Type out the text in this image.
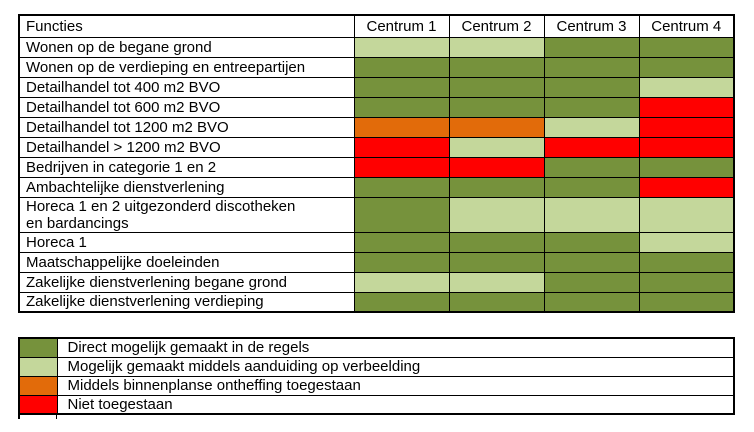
Functies	Centrum 1	Centrum 2	Centrum 3	Centrum 4
Wonen op de begane grond				
Wonen op de verdieping en entreepartijen				
Detailhandel tot 400 m2 BVO				
Detailhandel tot 600 m2 BVO				
Detailhandel tot 1200 m2 BVO				
Detailhandel > 1200 m2 BVO				
Bedrijven in categorie 1 en 2				
Ambachtelijke dienstverlening				
Horeca 1 en 2 uitgezonderd discotheken
en bardancings				
Horeca 1				
Maatschappelijke doeleinden				
Zakelijke dienstverlening begane grond				
Zakelijke dienstverlening verdieping				
	Direct mogelijk gemaakt in de regels
	Mogelijk gemaakt middels aanduiding op verbeelding
	Middels binnenplanse ontheffing toegestaan
	Niet toegestaan
